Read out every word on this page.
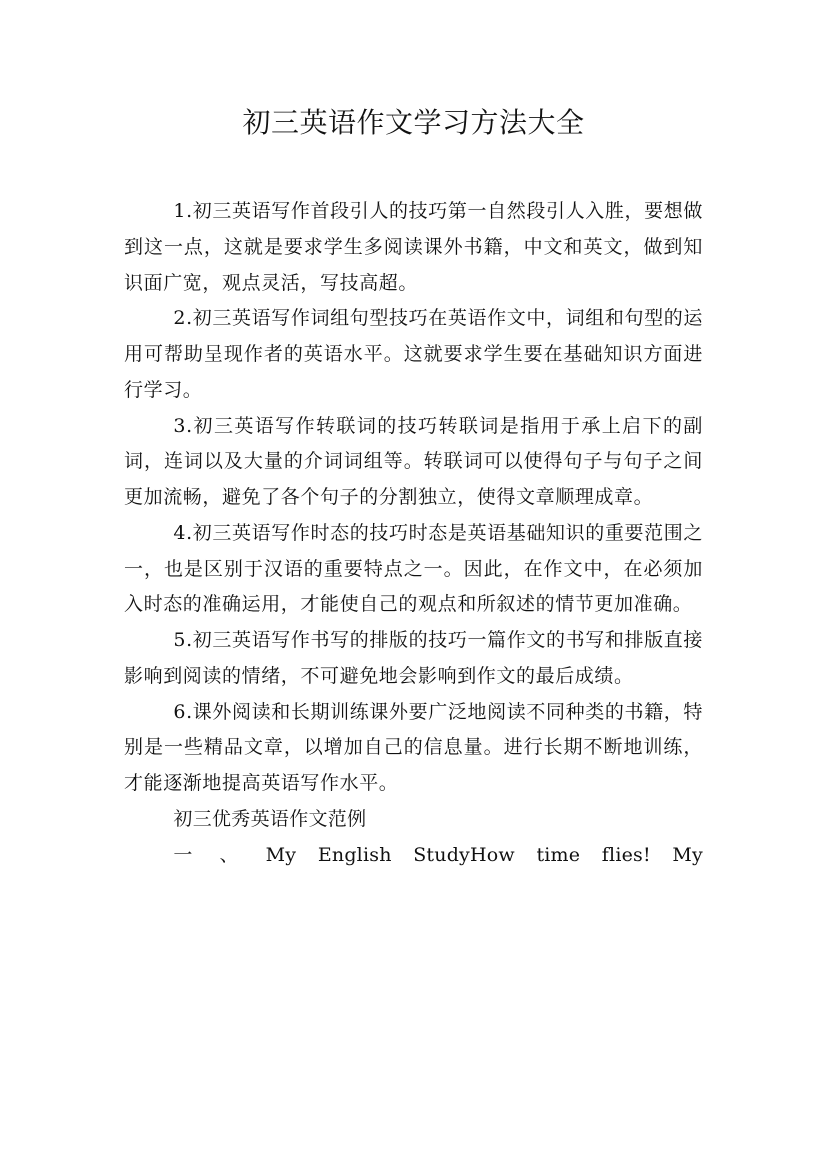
初三英语作文学习方法大全

1.初三英语写作首段引人的技巧第一自然段引人入胜，要想做到这一点，这就是要求学生多阅读课外书籍，中文和英文，做到知识面广宽，观点灵活，写技高超。

2.初三英语写作词组句型技巧在英语作文中，词组和句型的运用可帮助呈现作者的英语水平。这就要求学生要在基础知识方面进行学习。

3.初三英语写作转联词的技巧转联词是指用于承上启下的副词，连词以及大量的介词词组等。转联词可以使得句子与句子之间更加流畅，避免了各个句子的分割独立，使得文章顺理成章。

4.初三英语写作时态的技巧时态是英语基础知识的重要范围之一，也是区别于汉语的重要特点之一。因此，在作文中，在必须加入时态的准确运用，才能使自己的观点和所叙述的情节更加准确。

5.初三英语写作书写的排版的技巧一篇作文的书写和排版直接影响到阅读的情绪，不可避免地会影响到作文的最后成绩。

6.课外阅读和长期训练课外要广泛地阅读不同种类的书籍，特别是一些精品文章，以增加自己的信息量。进行长期不断地训练，才能逐渐地提高英语写作水平。

初三优秀英语作文范例

一 、 My English StudyHow time flies! My
